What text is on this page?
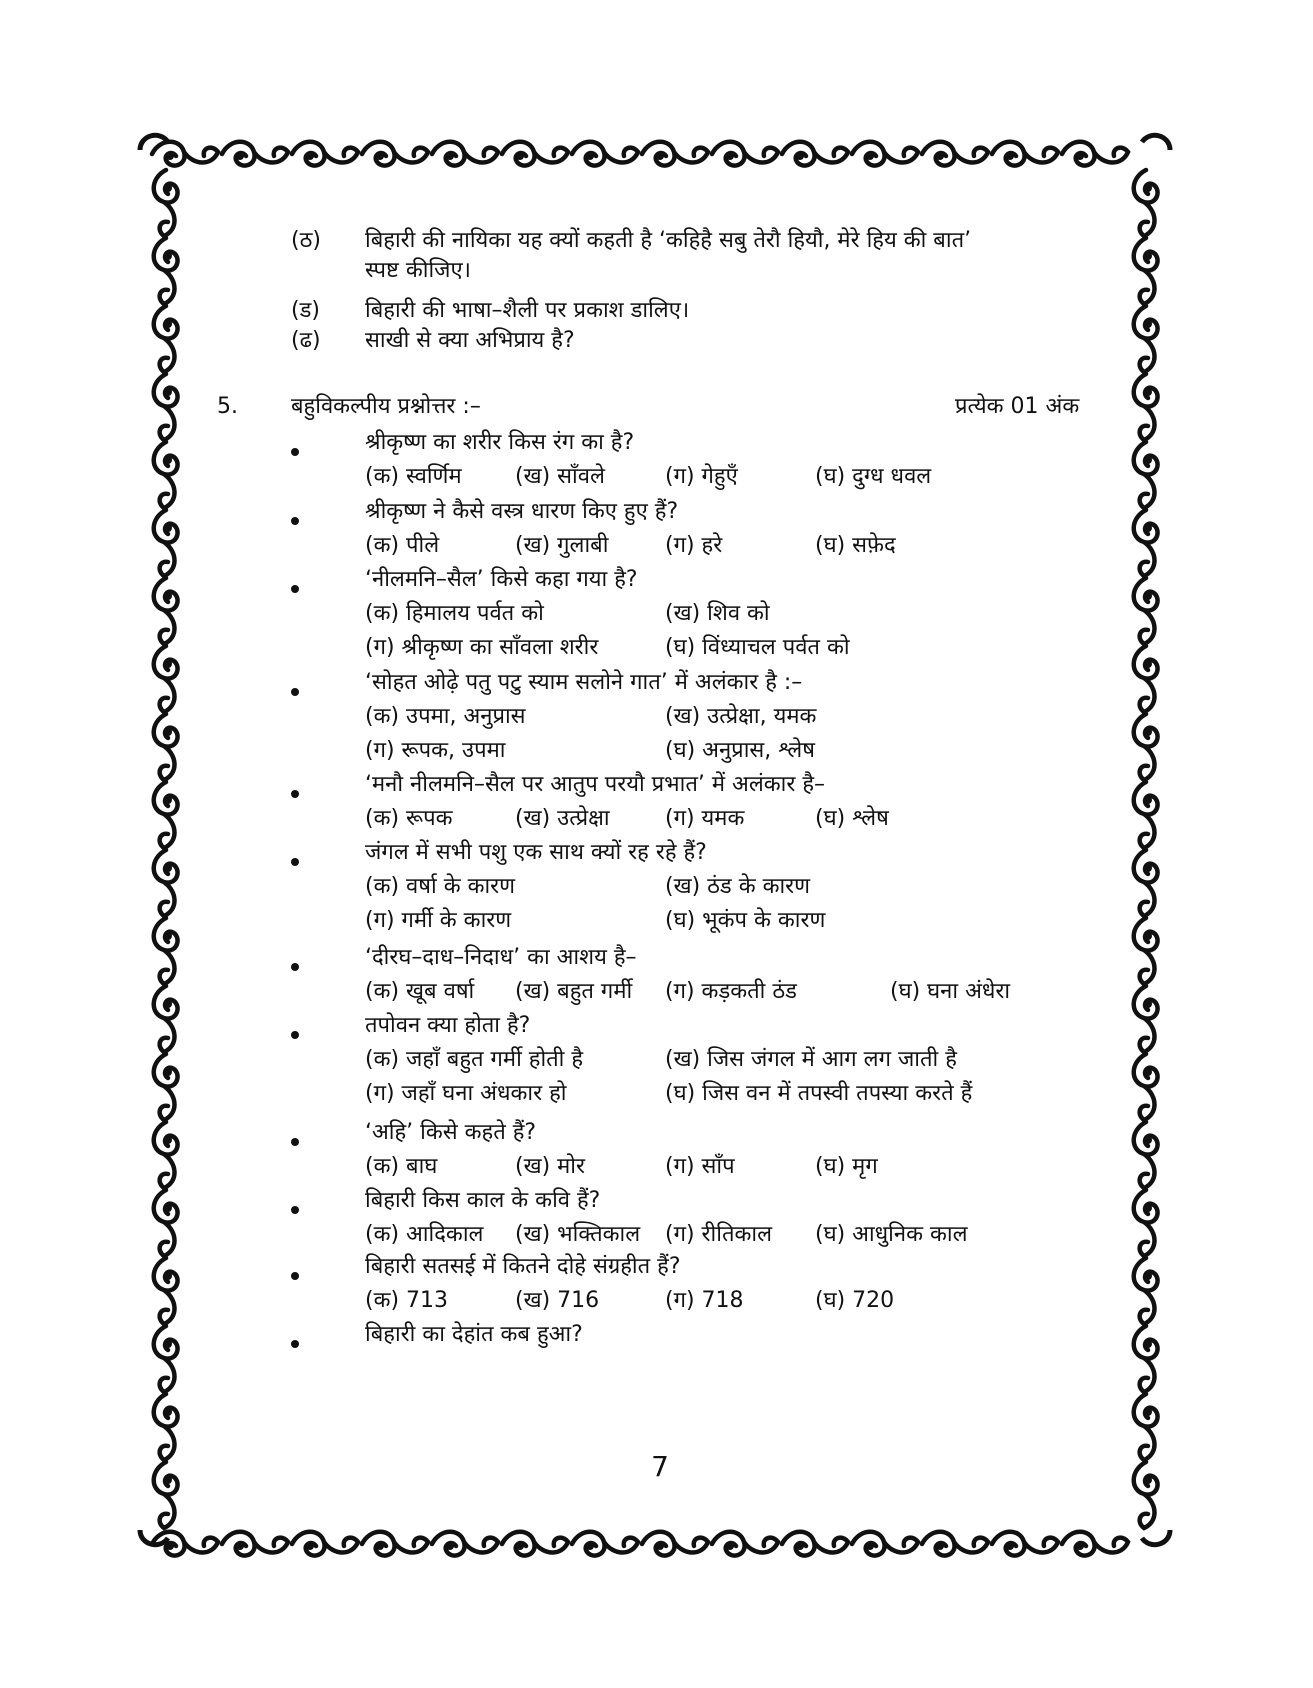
(ठ) बिहारी की नायिका यह क्यों कहती है ‘कहिहै सबु तेरौ हियौ, मेरे हिय की बात’
स्पष्ट कीजिए।
(ड) बिहारी की भाषा–शैली पर प्रकाश डालिए।
(ढ) साखी से क्या अभिप्राय है?
5. बहुविकल्पीय प्रश्नोत्तर :–	प्रत्येक 01 अंक
श्रीकृष्ण का शरीर किस रंग का है?
(क) स्वर्णिम (ख) साँवले	(ग) गेहुएँ	(घ) दुग्ध धवल
श्रीकृष्ण ने कैसे वस्त्र धारण किए हुए हैं?
(क) पीले	(ख) गुलाबी	(ग) हरे	(घ) सफ़ेद
‘नीलमनि–सैल’ किसे कहा गया है?
(क) हिमालय पर्वत को	(ख) शिव को
(ग) श्रीकृष्ण का साँवला शरीर	(घ) विंध्याचल पर्वत को
‘सोहत ओढ़े पतु पटु स्याम सलोने गात’ में अलंकार है :–
(क) उपमा, अनुप्रास	(ख) उत्प्रेक्षा, यमक
(ग) रूपक, उपमा	(घ) अनुप्रास, श्लेष
‘मनौ नीलमनि–सैल पर आतुप परयौ प्रभात’ में अलंकार है–
(क) रूपक	(ख) उत्प्रेक्षा	(ग) यमक	(घ) श्लेष
जंगल में सभी पशु एक साथ क्यों रह रहे हैं?
(क) वर्षा के कारण	(ख) ठंड के कारण
(ग) गर्मी के कारण	(घ) भूकंप के कारण
‘दीरघ–दाध–निदाध’ का आशय है–
(क) खूब वर्षा (ख) बहुत गर्मी (ग) कड़कती ठंड	(घ) घना अंधेरा
तपोवन क्या होता है?
(क) जहाँ बहुत गर्मी होती है	(ख) जिस जंगल में आग लग जाती है
(ग) जहाँ घना अंधकार हो	(घ) जिस वन में तपस्वी तपस्या करते हैं
‘अहि’ किसे कहते हैं?
(क) बाघ	(ख) मोर	(ग) साँप	(घ) मृग
बिहारी किस काल के कवि हैं?
(क) आदिकाल (ख) भक्तिकाल (ग) रीतिकाल (घ) आधुनिक काल
बिहारी सतसई में कितने दोहे संग्रहीत हैं?
(क) 713	(ख) 716	(ग) 718	(घ) 720
बिहारी का देहांत कब हुआ?
7
